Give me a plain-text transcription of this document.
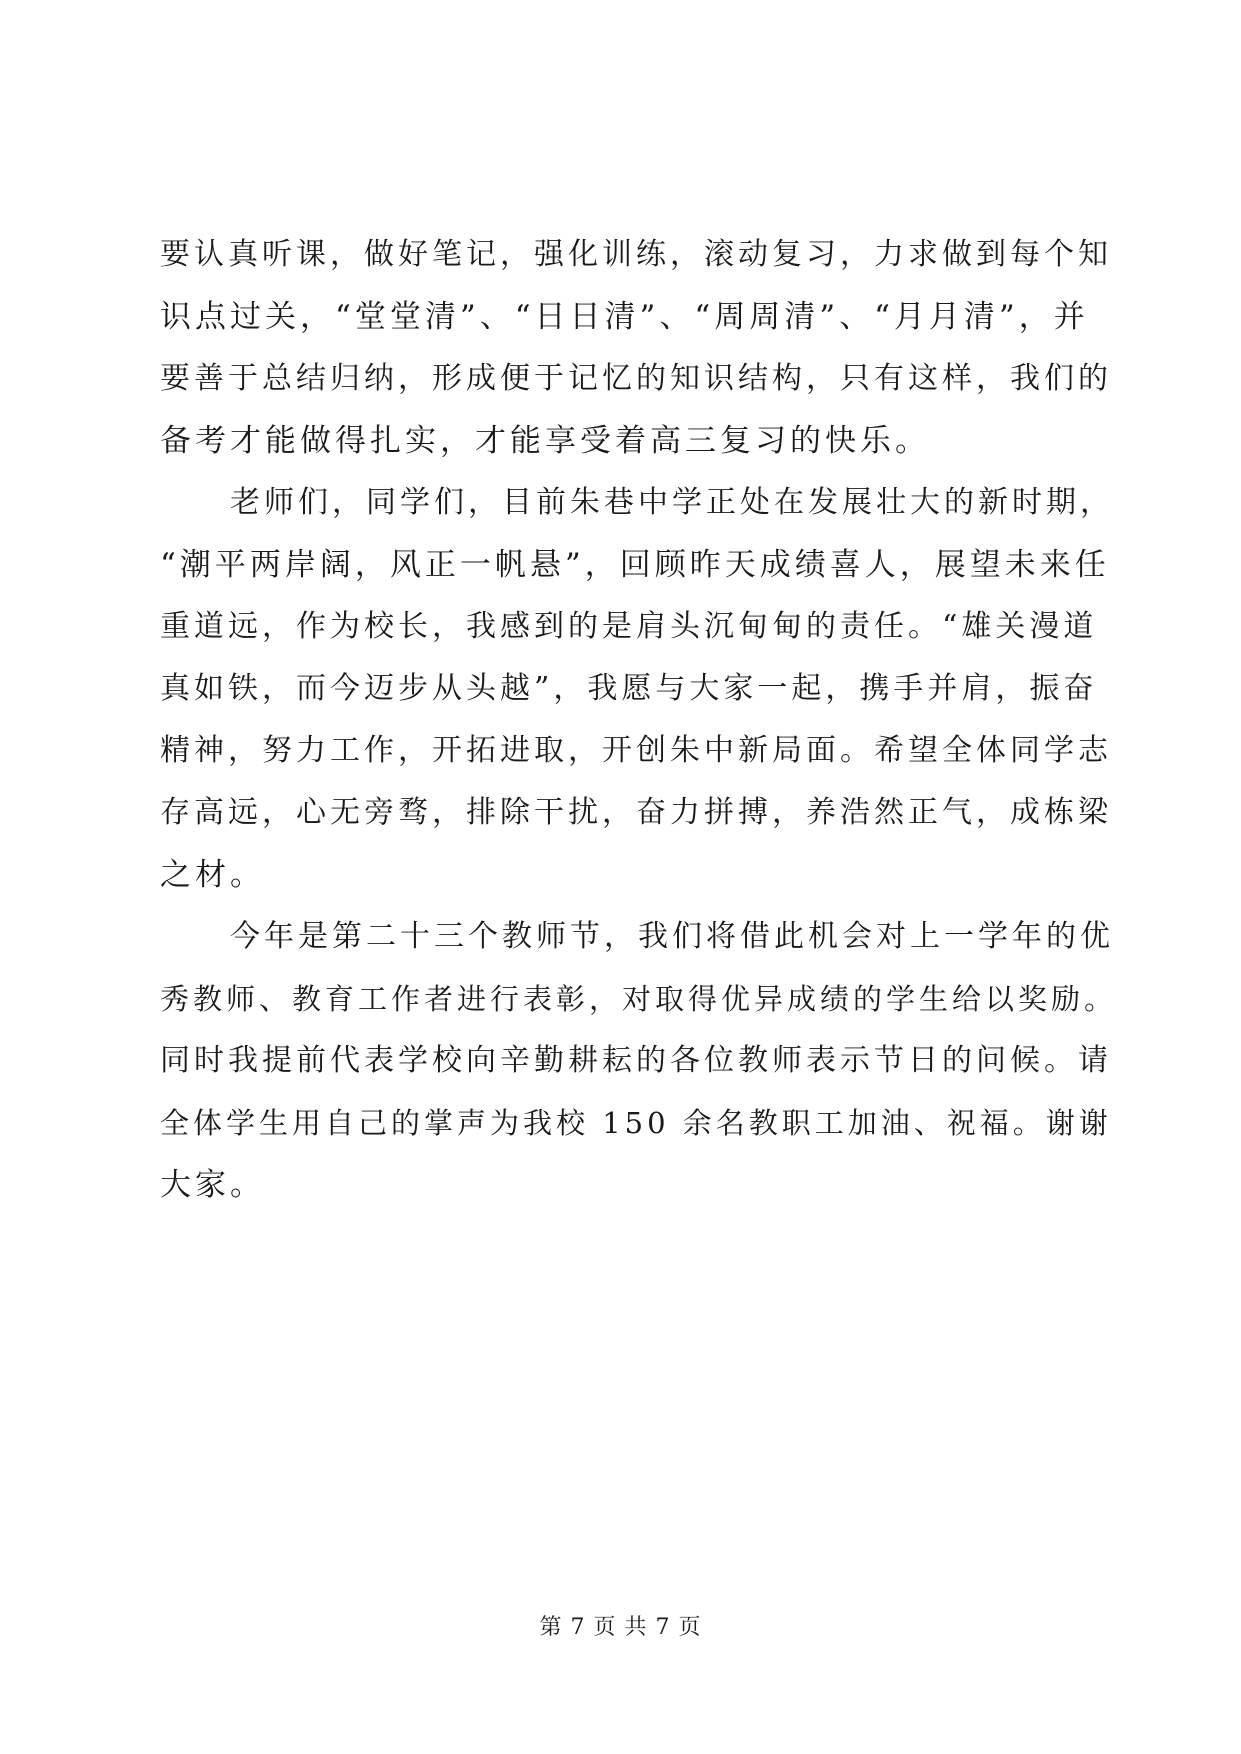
要认真听课，做好笔记，强化训练，滚动复习，力求做到每个知
识点过关，“堂堂清”、“日日清”、“周周清”、“月月清”，并
要善于总结归纳，形成便于记忆的知识结构，只有这样，我们的
备考才能做得扎实，才能享受着高三复习的快乐。
老师们，同学们，目前朱巷中学正处在发展壮大的新时期，
“潮平两岸阔，风正一帆悬”，回顾昨天成绩喜人，展望未来任
重道远，作为校长，我感到的是肩头沉甸甸的责任。“雄关漫道
真如铁，而今迈步从头越”，我愿与大家一起，携手并肩，振奋
精神，努力工作，开拓进取，开创朱中新局面。希望全体同学志
存高远，心无旁骛，排除干扰，奋力拼搏，养浩然正气，成栋梁
之材。
今年是第二十三个教师节，我们将借此机会对上一学年的优
秀教师、教育工作者进行表彰，对取得优异成绩的学生给以奖励。
同时我提前代表学校向辛勤耕耘的各位教师表示节日的问候。请
全体学生用自己的掌声为我校 150 余名教职工加油、祝福。谢谢
大家。
第 7 页 共 7 页
